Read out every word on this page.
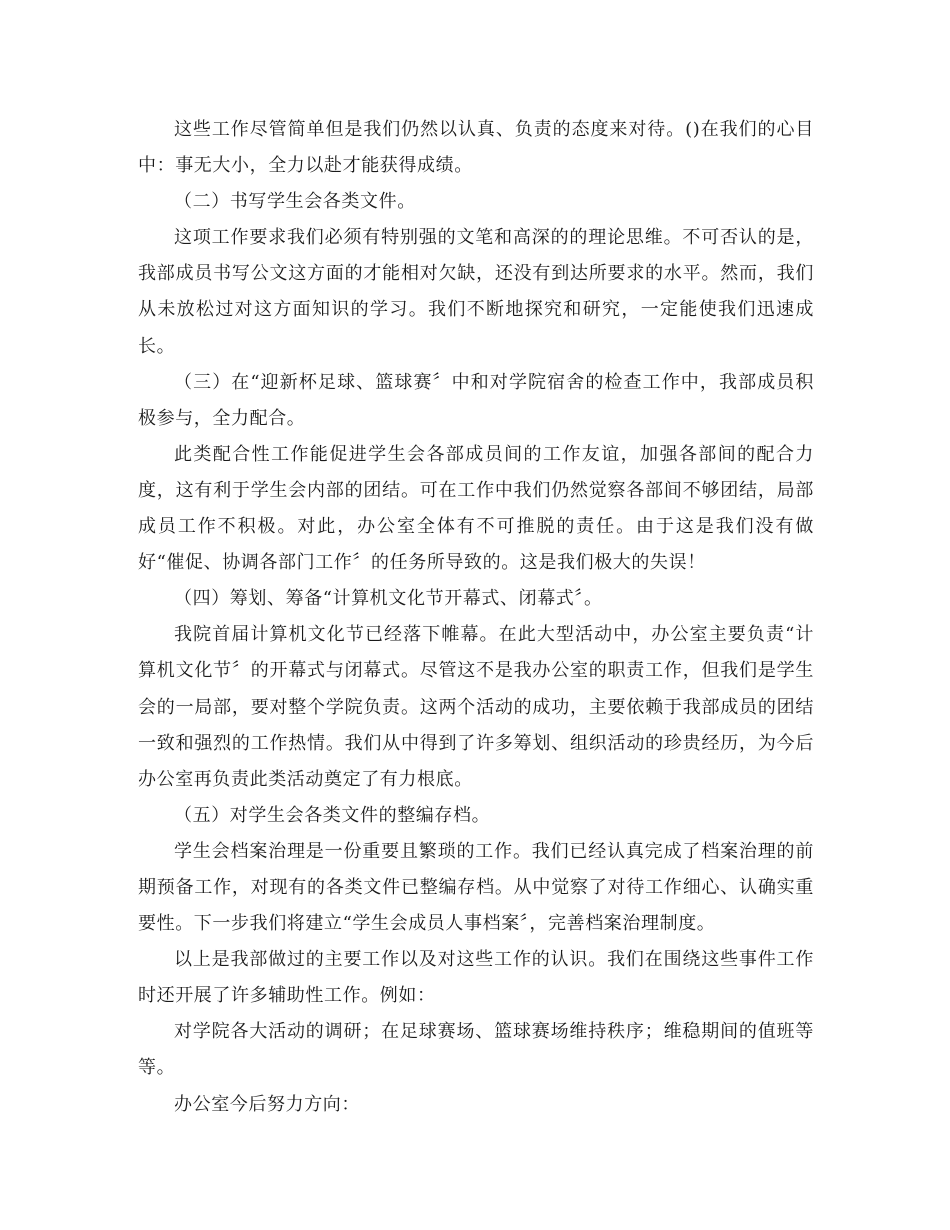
这些工作尽管简单但是我们仍然以认真、负责的态度来对待。()在我们的心目中：事无大小，全力以赴才能获得成绩。

（二）书写学生会各类文件。

这项工作要求我们必须有特别强的文笔和高深的的理论思维。不可否认的是，我部成员书写公文这方面的才能相对欠缺，还没有到达所要求的水平。然而，我们从未放松过对这方面知识的学习。我们不断地探究和研究，一定能使我们迅速成长。

（三）在“迎新杯足球、篮球赛〞中和对学院宿舍的检查工作中，我部成员积极参与，全力配合。

此类配合性工作能促进学生会各部成员间的工作友谊，加强各部间的配合力度，这有利于学生会内部的团结。可在工作中我们仍然觉察各部间不够团结，局部成员工作不积极。对此，办公室全体有不可推脱的责任。由于这是我们没有做好“催促、协调各部门工作〞的任务所导致的。这是我们极大的失误！

（四）筹划、筹备“计算机文化节开幕式、闭幕式〞。

我院首届计算机文化节已经落下帷幕。在此大型活动中，办公室主要负责“计算机文化节〞的开幕式与闭幕式。尽管这不是我办公室的职责工作，但我们是学生会的一局部，要对整个学院负责。这两个活动的成功，主要依赖于我部成员的团结一致和强烈的工作热情。我们从中得到了许多筹划、组织活动的珍贵经历，为今后办公室再负责此类活动奠定了有力根底。

（五）对学生会各类文件的整编存档。

学生会档案治理是一份重要且繁琐的工作。我们已经认真完成了档案治理的前期预备工作，对现有的各类文件已整编存档。从中觉察了对待工作细心、认确实重要性。下一步我们将建立“学生会成员人事档案〞，完善档案治理制度。

以上是我部做过的主要工作以及对这些工作的认识。我们在围绕这些事件工作时还开展了许多辅助性工作。例如：

对学院各大活动的调研；在足球赛场、篮球赛场维持秩序；维稳期间的值班等等。

办公室今后努力方向：
